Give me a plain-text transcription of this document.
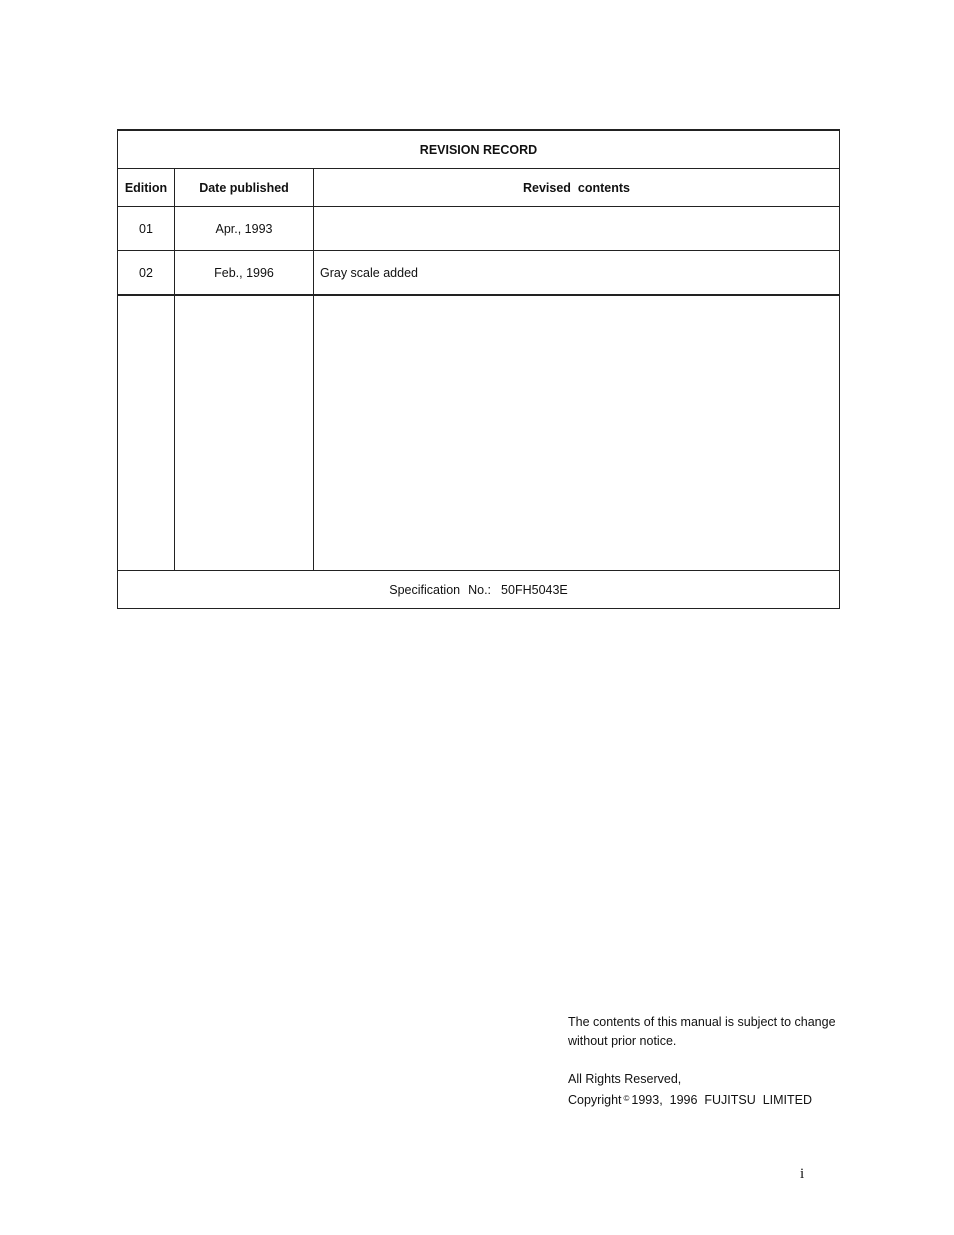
REVISION RECORD		
Edition	Date published	Revised  contents
01	Apr., 1993	
02	Feb., 1996	Gray scale added

Specification No.: 50FH5043E		
The contents of this manual is subject to change
without prior notice.
All Rights Reserved,
Copyright © 1993,  1996  FUJITSU  LIMITED
i
